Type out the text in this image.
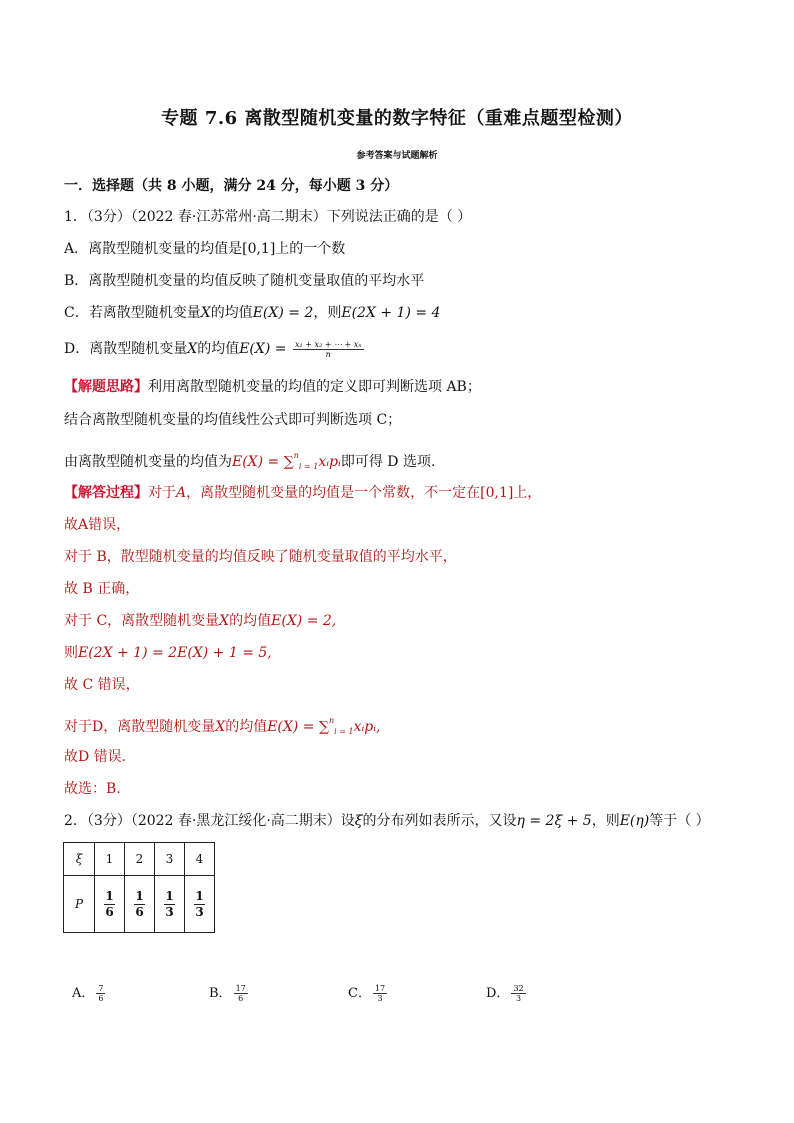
专题 7.6 离散型随机变量的数字特征（重难点题型检测）
参考答案与试题解析
一．选择题（共 8 小题，满分 24 分，每小题 3 分）
1．（3分）（2022 春·江苏常州·高二期末）下列说法正确的是（ ）
A．离散型随机变量的均值是[0,1]上的一个数
B．离散型随机变量的均值反映了随机变量取值的平均水平
C．若离散型随机变量X的均值E(X) = 2，则E(2X + 1) = 4
D．离散型随机变量X的均值$E(X) = \frac{\text{x₁ + x₂ + ⋯ + xₙ}}{n}$
【解题思路】利用离散型随机变量的均值的定义即可判断选项 AB；
结合离散型随机变量的均值线性公式即可判断选项 C；
由离散型随机变量的均值为E(X) = ∑$^n_{i = 1}$xᵢpᵢ即可得 D 选项.
【解答过程】对于A，离散型随机变量的均值是一个常数，不一定在[0,1]上，
故A错误，
对于 B，散型随机变量的均值反映了随机变量取值的平均水平，
故 B 正确，
对于 C，离散型随机变量X的均值E(X) = 2,
则E(2X + 1) = 2E(X) + 1 = 5,
故 C 错误，
对于D，离散型随机变量X的均值E(X) = ∑$^n_{i = 1}$xᵢpᵢ,
故D 错误.
故选：B.
2．（3分）（2022 春·黑龙江绥化·高二期末）设ξ的分布列如表所示，又设η = 2ξ + 5，则E(η)等于（ ）
ξ	1	2	3	4
P	$\frac{1}{6}$	$\frac{1}{6}$	$\frac{1}{3}$	$\frac{1}{3}$
A． $\frac{7}{6}$	B． $\frac{17}{6}$	C． $\frac{17}{3}$	D． $\frac{32}{3}$
